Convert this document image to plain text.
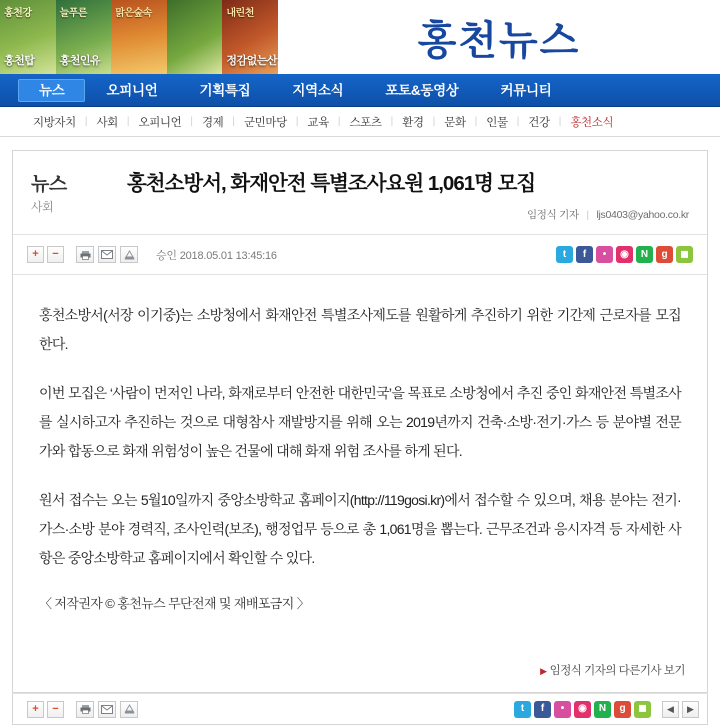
홍천강
홍천탑
늘푸른
홍천인유
맑은숲속	내린천
정감없는산	홍천뉴스
뉴스	오피니언	기획특집	지역소식	포토&동영상	커뮤니티
지방자치 | 사회 | 오피니언 | 경제 | 군민마당 | 교육 | 스포츠 | 환경 | 문화 | 인물 | 건강 | 홍천소식
뉴스
사회
홍천소방서, 화재안전 특별조사요원 1,061명 모집
임정식 기자 | ljs0403@yahoo.co.kr
+	−	승인 2018.05.01 13:45:16	t	f	•	◉	N	g	◼

홍천소방서(서장 이기중)는 소방청에서 화재안전 특별조사제도를 원활하게 추진하기 위한 기간제 근로자를 모집한다.

이번 모집은 ‘사람이 먼저인 나라, 화재로부터 안전한 대한민국’을 목표로 소방청에서 추진 중인 화재안전 특별조사를 실시하고자 추진하는 것으로 대형참사 재발방지를 위해 오는 2019년까지 건축·소방·전기·가스 등 분야별 전문가와 합동으로 화재 위험성이 높은 건물에 대해 화재 위험 조사를 하게 된다.

원서 접수는 오는 5월10일까지 중앙소방학교 홈페이지(http://119gosi.kr)에서 접수할 수 있으며, 채용 분야는 전기·가스·소방 분야 경력직, 조사인력(보조), 행정업무 등으로 총 1,061명을 뽑는다. 근무조건과 응시자격 등 자세한 사항은 중앙소방학교 홈페이지에서 확인할 수 있다.

〈 저작권자 © 홍천뉴스 무단전재 및 재배포금지 〉
▶ 임정식 기자의 다른기사 보기
+	−	t	f	•	◉	N	g	◼	◀	▶
